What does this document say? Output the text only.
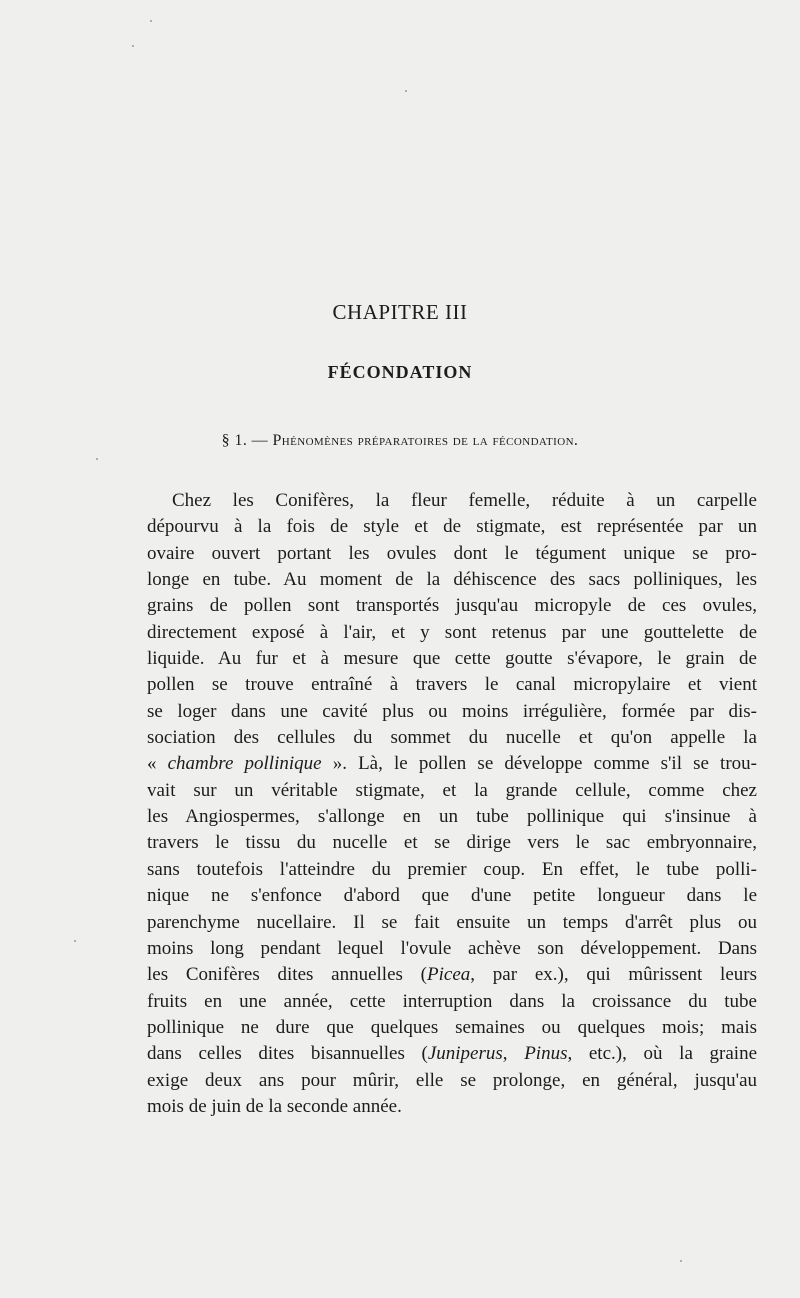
CHAPITRE III
FÉCONDATION
§ 1. — Phénomènes préparatoires de la fécondation.
Chez les Conifères, la fleur femelle, réduite à un carpelle
dépourvu à la fois de style et de stigmate, est représentée par un
ovaire ouvert portant les ovules dont le tégument unique se pro-
longe en tube. Au moment de la déhiscence des sacs polliniques, les
grains de pollen sont transportés jusqu'au micropyle de ces ovules,
directement exposé à l'air, et y sont retenus par une gouttelette de
liquide. Au fur et à mesure que cette goutte s'évapore, le grain de
pollen se trouve entraîné à travers le canal micropylaire et vient
se loger dans une cavité plus ou moins irrégulière, formée par dis-
sociation des cellules du sommet du nucelle et qu'on appelle la
« chambre pollinique ». Là, le pollen se développe comme s'il se trou-
vait sur un véritable stigmate, et la grande cellule, comme chez
les Angiospermes, s'allonge en un tube pollinique qui s'insinue à
travers le tissu du nucelle et se dirige vers le sac embryonnaire,
sans toutefois l'atteindre du premier coup. En effet, le tube polli-
nique ne s'enfonce d'abord que d'une petite longueur dans le
parenchyme nucellaire. Il se fait ensuite un temps d'arrêt plus ou
moins long pendant lequel l'ovule achève son développement. Dans
les Conifères dites annuelles (Picea, par ex.), qui mûrissent leurs
fruits en une année, cette interruption dans la croissance du tube
pollinique ne dure que quelques semaines ou quelques mois; mais
dans celles dites bisannuelles (Juniperus, Pinus, etc.), où la graine
exige deux ans pour mûrir, elle se prolonge, en général, jusqu'au
mois de juin de la seconde année.
